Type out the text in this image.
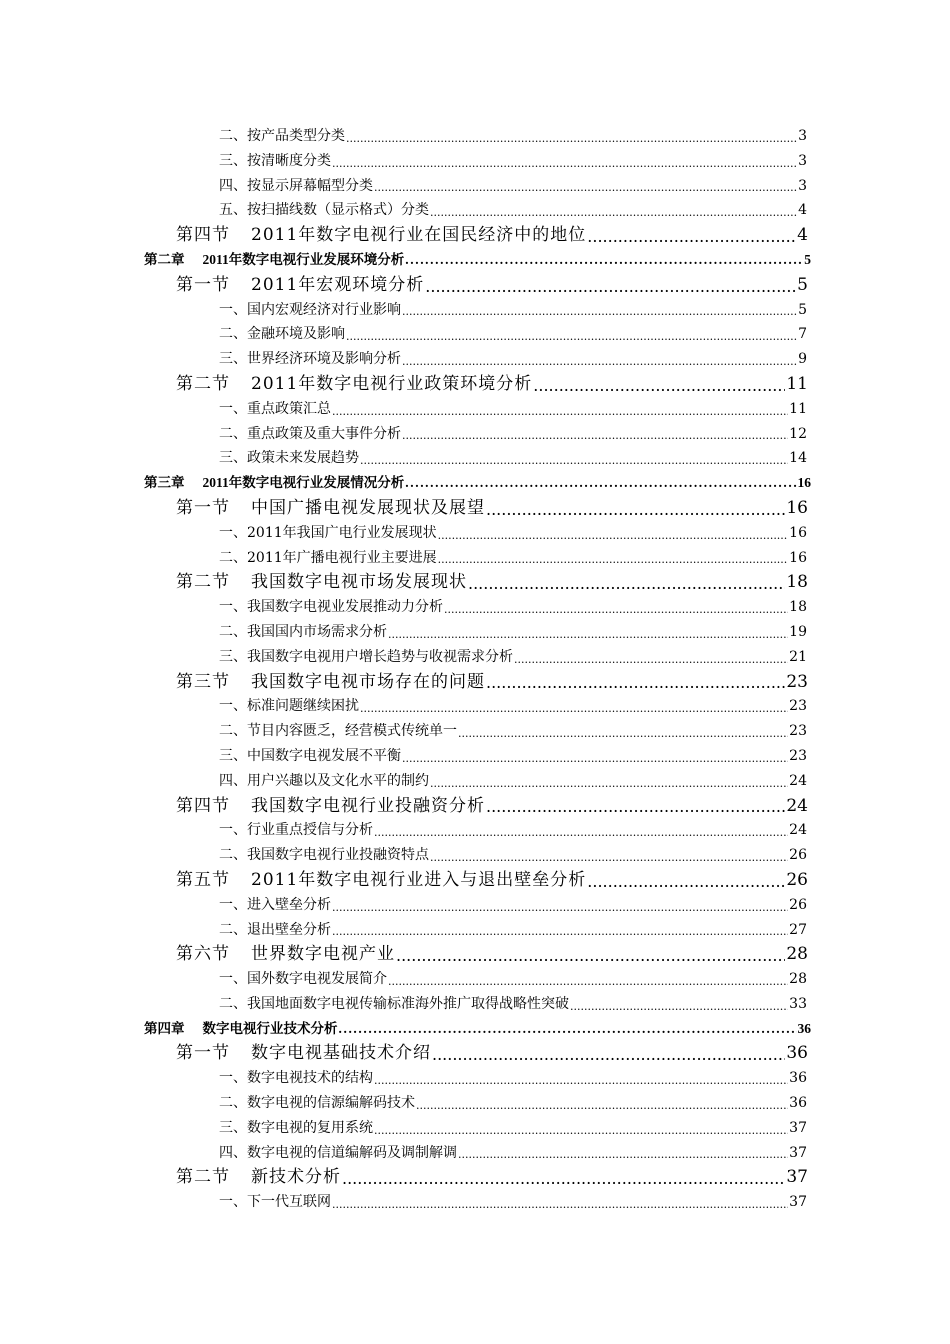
二、按产品类型分类 .....	3
三、按清晰度分类 .....	3
四、按显示屏幕幅型分类 .....	3
五、按扫描线数（显示格式）分类 .....	4
第四节 2011年数字电视行业在国民经济中的地位 .....	4
第二章 2011年数字电视行业发展环境分析 .....	5
第一节 2011年宏观环境分析 .....	5
一、国内宏观经济对行业影响 .....	5
二、金融环境及影响 .....	7
三、世界经济环境及影响分析 .....	9
第二节 2011年数字电视行业政策环境分析 .....	11
一、重点政策汇总 .....	11
二、重点政策及重大事件分析 .....	12
三、政策未来发展趋势 .....	14
第三章 2011年数字电视行业发展情况分析 .....	16
第一节 中国广播电视发展现状及展望 .....	16
一、2011年我国广电行业发展现状 .....	16
二、2011年广播电视行业主要进展 .....	16
第二节 我国数字电视市场发展现状 .....	18
一、我国数字电视业发展推动力分析 .....	18
二、我国国内市场需求分析 .....	19
三、我国数字电视用户增长趋势与收视需求分析 .....	21
第三节 我国数字电视市场存在的问题 .....	23
一、标准问题继续困扰 .....	23
二、节目内容匮乏，经营模式传统单一 .....	23
三、中国数字电视发展不平衡 .....	23
四、用户兴趣以及文化水平的制约 .....	24
第四节 我国数字电视行业投融资分析 .....	24
一、行业重点授信与分析 .....	24
二、我国数字电视行业投融资特点 .....	26
第五节 2011年数字电视行业进入与退出壁垒分析 .....	26
一、进入壁垒分析 .....	26
二、退出壁垒分析 .....	27
第六节 世界数字电视产业 .....	28
一、国外数字电视发展简介 .....	28
二、我国地面数字电视传输标准海外推广取得战略性突破 .....	33
第四章 数字电视行业技术分析 .....	36
第一节 数字电视基础技术介绍 .....	36
一、数字电视技术的结构 .....	36
二、数字电视的信源编解码技术 .....	36
三、数字电视的复用系统 .....	37
四、数字电视的信道编解码及调制解调 .....	37
第二节 新技术分析 .....	37
一、下一代互联网 .....	37
